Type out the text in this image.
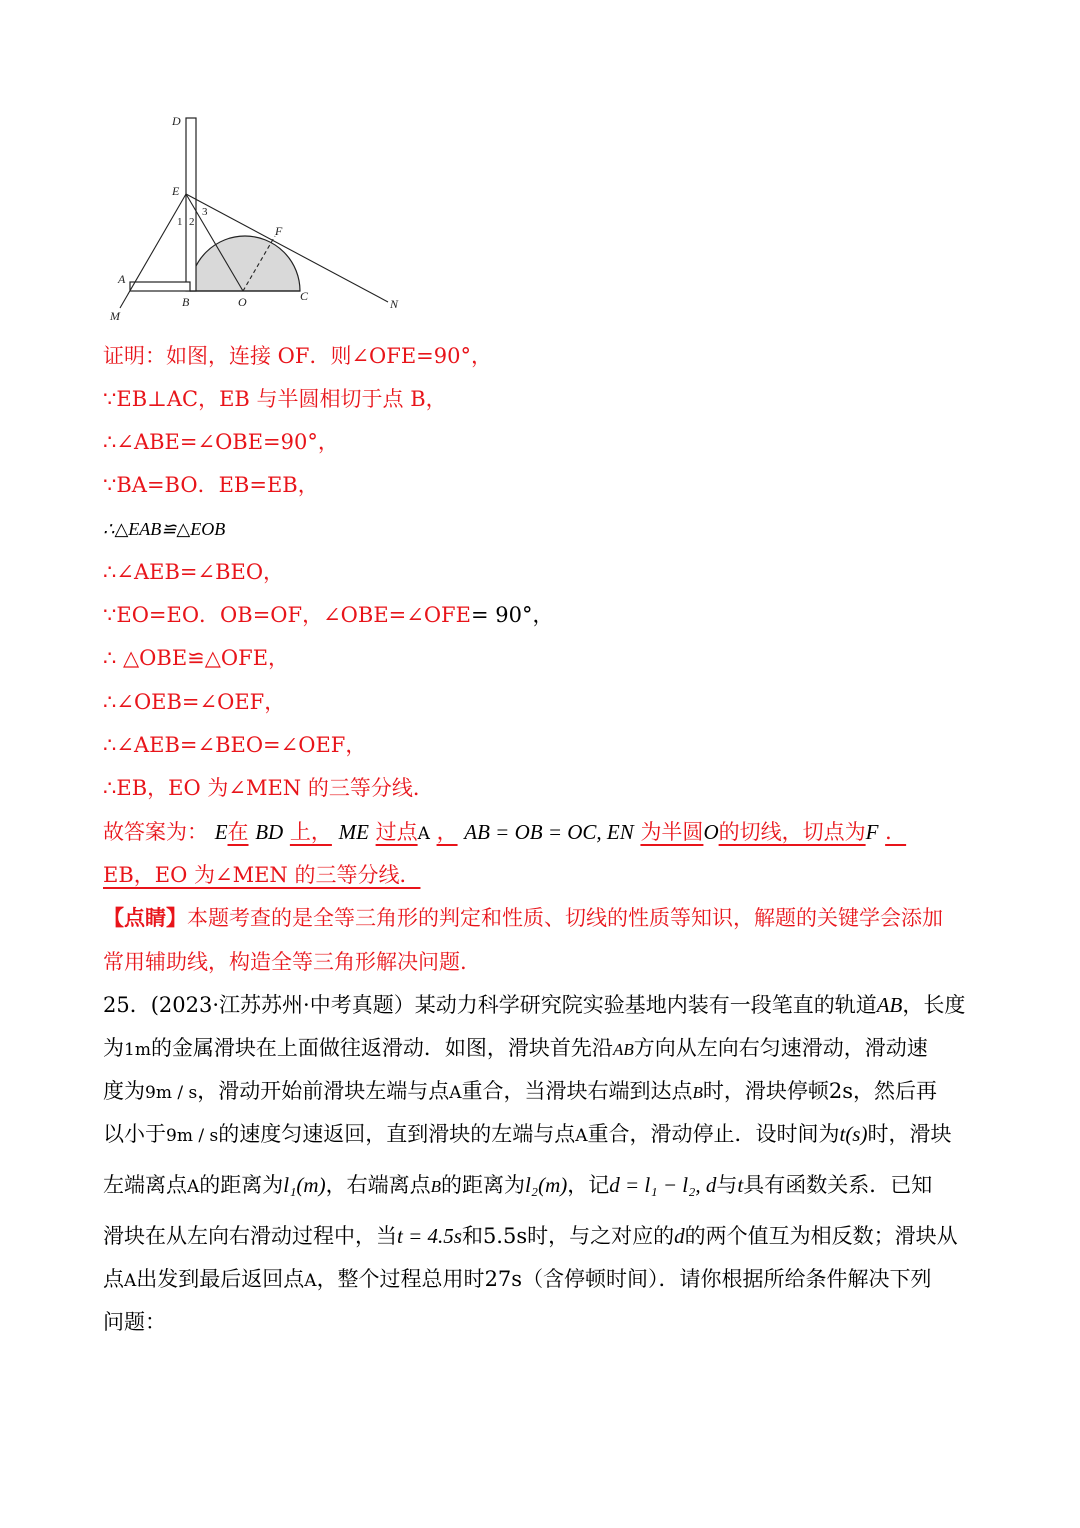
D
E
F
A
M
B	O	C
N
1 2
3
证明：如图，连接 OF．则∠OFE=90°，
∵EB⊥AC，EB 与半圆相切于点 B，
∴∠ABE=∠OBE=90°，
∵BA=BO．EB=EB，
∴△EAB≌△EOB
∴∠AEB=∠BEO，
∵EO=EO．OB=OF，∠OBE=∠OFE= 90°，
∴ △OBE≌△OFE，
∴∠OEB=∠OEF，
∴∠AEB=∠BEO=∠OEF，
∴EB，EO 为∠MEN 的三等分线．
故答案为： E在 BD 上， ME 过点A ， AB = OB = OC, EN 为半圆O的切线，切点为F ．
EB，EO 为∠MEN 的三等分线．
【点睛】本题考查的是全等三角形的判定和性质、切线的性质等知识，解题的关键学会添加
常用辅助线，构造全等三角形解决问题.
25．(2023·江苏苏州·中考真题）某动力科学研究院实验基地内装有一段笔直的轨道AB，长度
为1m的金属滑块在上面做往返滑动．如图，滑块首先沿AB方向从左向右匀速滑动，滑动速
度为9m / s，滑动开始前滑块左端与点A重合，当滑块右端到达点B时，滑块停顿2s，然后再
以小于9m / s的速度匀速返回，直到滑块的左端与点A重合，滑动停止．设时间为t(s)时，滑块
左端离点A的距离为l₁(m)，右端离点B的距离为l₂(m)，记d = l₁ − l₂, d与t具有函数关系．已知
滑块在从左向右滑动过程中，当t = 4.5s和5.5s时，与之对应的d的两个值互为相反数；滑块从
点A出发到最后返回点A，整个过程总用时27s（含停顿时间）．请你根据所给条件解决下列
问题：
